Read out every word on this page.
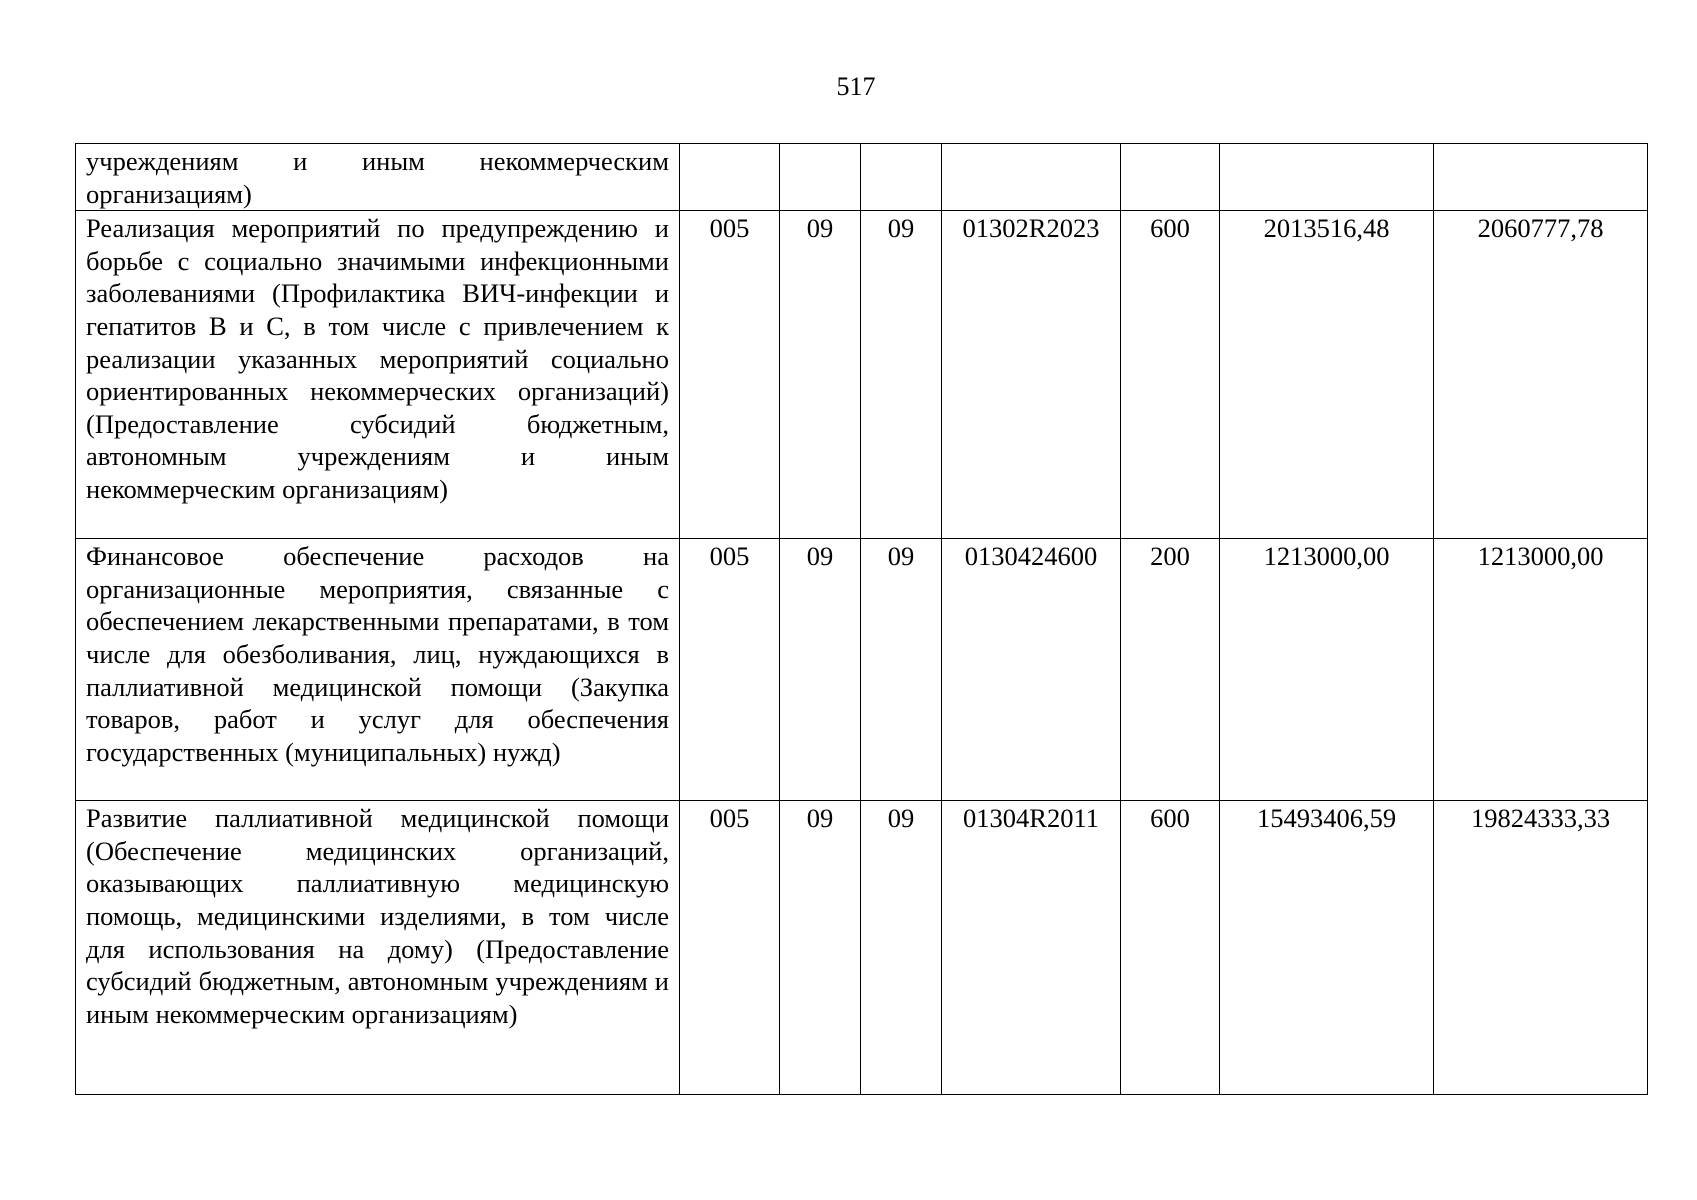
517
учреждениям и иным некоммерческим организациям)							
Реализация мероприятий по предупреждению и борьбе с социально значимыми инфекционными заболеваниями (Профилактика ВИЧ-инфекции и гепатитов В и С, в том числе с привлечением к реализации указанных мероприятий социально ориентированных некоммерческих организаций) (Предоставление субсидий бюджетным, автономным учреждениям и иным некоммерческим организациям)	005	09	09	01302R2023	600	2013516,48	2060777,78
Финансовое обеспечение расходов на организационные мероприятия, связанные с обеспечением лекарственными препаратами, в том числе для обезболивания, лиц, нуждающихся в паллиативной медицинской помощи (Закупка товаров, работ и услуг для обеспечения государственных (муниципальных) нужд)	005	09	09	0130424600	200	1213000,00	1213000,00
Развитие паллиативной медицинской помощи (Обеспечение медицинских организаций, оказывающих паллиативную медицинскую помощь, медицинскими изделиями, в том числе для использования на дому) (Предоставление субсидий бюджетным, автономным учреждениям и иным некоммерческим организациям)	005	09	09	01304R2011	600	15493406,59	19824333,33
